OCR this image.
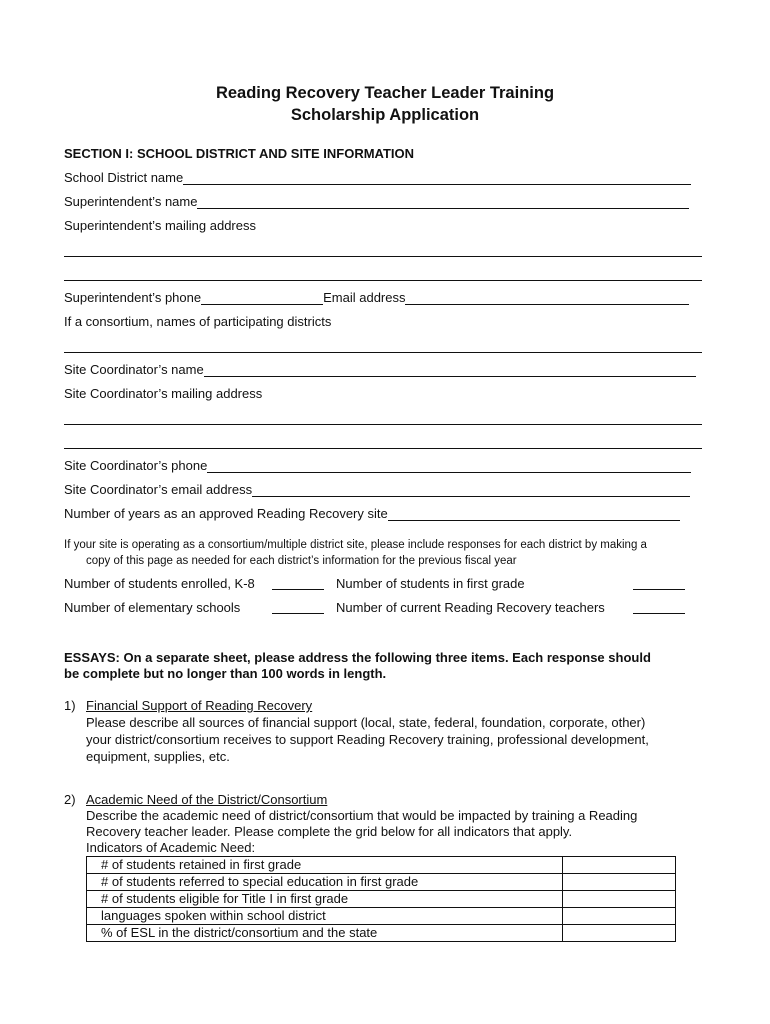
Reading Recovery Teacher Leader Training
Scholarship Application
SECTION I: SCHOOL DISTRICT AND SITE INFORMATION
School District name
Superintendent’s name
Superintendent’s mailing address
Superintendent’s phone	Email address
If a consortium, names of participating districts
Site Coordinator’s name
Site Coordinator’s mailing address
Site Coordinator’s phone
Site Coordinator’s email address
Number of years as an approved Reading Recovery site
If your site is operating as a consortium/multiple district site, please include responses for each district by making a
copy of this page as needed for each district’s information for the previous fiscal year
Number of students enrolled, K-8	Number of students in first grade
Number of elementary schools	Number of current Reading Recovery teachers
ESSAYS: On a separate sheet, please address the following three items. Each response should
be complete but no longer than 100 words in length.
1) Financial Support of Reading Recovery
Please describe all sources of financial support (local, state, federal, foundation, corporate, other)
your district/consortium receives to support Reading Recovery training, professional development,
equipment, supplies, etc.
2) Academic Need of the District/Consortium
Describe the academic need of district/consortium that would be impacted by training a Reading
Recovery teacher leader. Please complete the grid below for all indicators that apply.
Indicators of Academic Need:
# of students retained in first grade	
# of students referred to special education in first grade	
# of students eligible for Title I in first grade	
languages spoken within school district	
% of ESL in the district/consortium and the state	
